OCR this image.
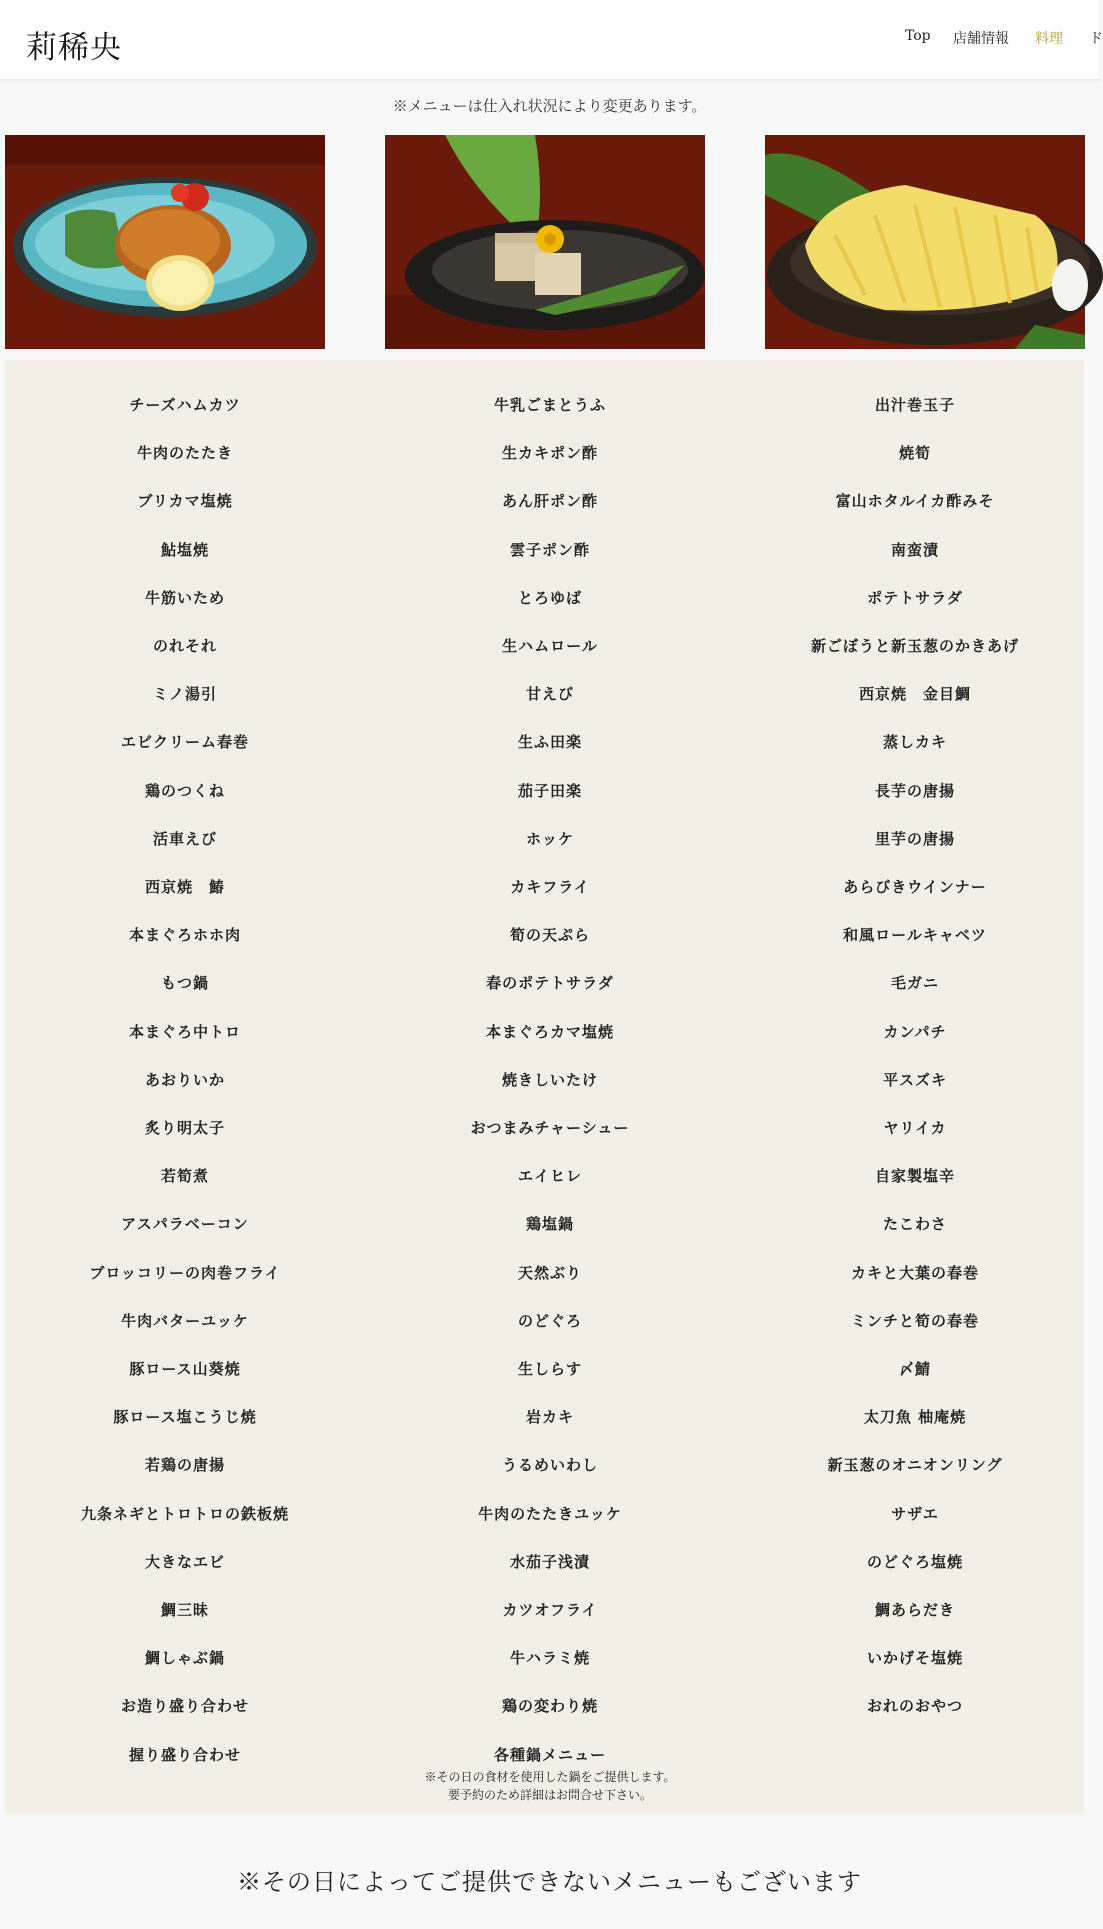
莉稀央	Top 店舗情報 料理 ド
※メニューは仕入れ状況により変更あります。
チーズハムカツ
牛肉のたたき
ブリカマ塩焼
鮎塩焼
牛筋いため
のれそれ
ミノ湯引
エビクリーム春巻
鶏のつくね
活車えび
西京焼　鰆
本まぐろホホ肉
もつ鍋
本まぐろ中トロ
あおりいか
炙り明太子
若筍煮
アスパラベーコン
ブロッコリーの肉巻フライ
牛肉バターユッケ
豚ロース山葵焼
豚ロース塩こうじ焼
若鶏の唐揚
九条ネギとトロトロの鉄板焼
大きなエビ
鯛三昧
鯛しゃぶ鍋
お造り盛り合わせ
握り盛り合わせ
牛乳ごまとうふ
生カキポン酢
あん肝ポン酢
雲子ポン酢
とろゆば
生ハムロール
甘えび
生ふ田楽
茄子田楽
ホッケ
カキフライ
筍の天ぷら
春のポテトサラダ
本まぐろカマ塩焼
焼きしいたけ
おつまみチャーシュー
エイヒレ
鶏塩鍋
天然ぶり
のどぐろ
生しらす
岩カキ
うるめいわし
牛肉のたたきユッケ
水茄子浅漬
カツオフライ
牛ハラミ焼
鶏の変わり焼
各種鍋メニュー
※その日の食材を使用した鍋をご提供します。
要予約のため詳細はお問合せ下さい。
出汁巻玉子
焼筍
富山ホタルイカ酢みそ
南蛮漬
ポテトサラダ
新ごぼうと新玉葱のかきあげ
西京焼　金目鯛
蒸しカキ
長芋の唐揚
里芋の唐揚
あらびきウインナー
和風ロールキャベツ
毛ガニ
カンパチ
平スズキ
ヤリイカ
自家製塩辛
たこわさ
カキと大葉の春巻
ミンチと筍の春巻
〆鯖
太刀魚 柚庵焼
新玉葱のオニオンリング
サザエ
のどぐろ塩焼
鯛あらだき
いかげそ塩焼
おれのおやつ
※その日によってご提供できないメニューもございます
